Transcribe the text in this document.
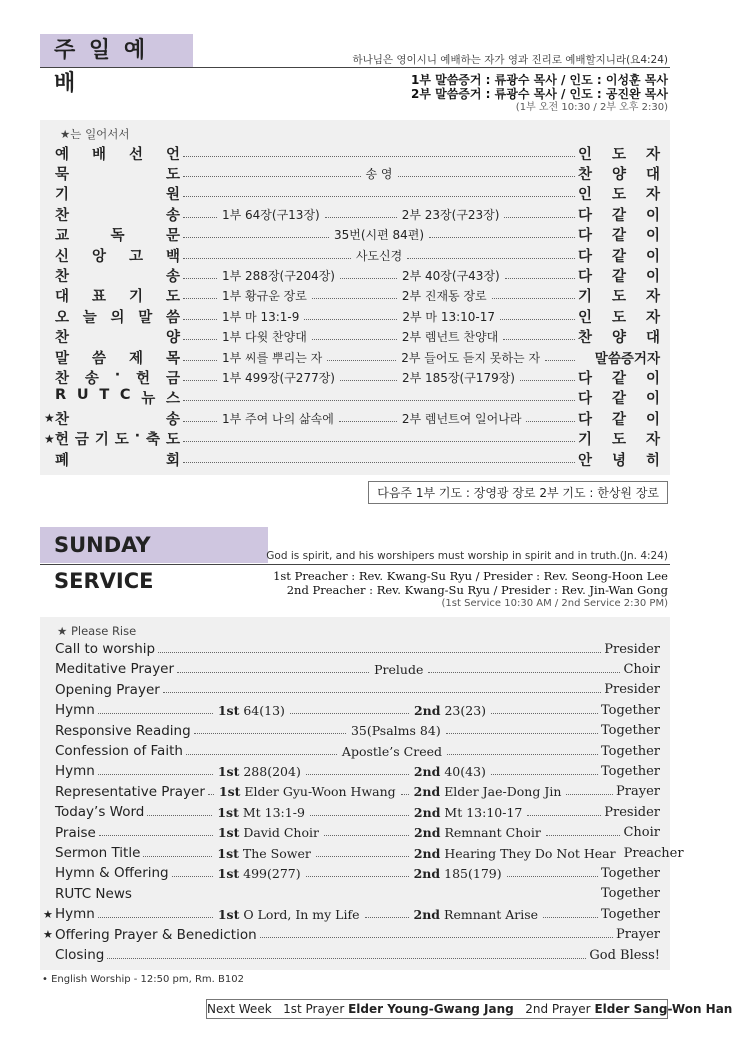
주 일 예 배
하나님은 영이시니 예배하는 자가 영과 진리로 예배할지니라(요4:24)
1부 말씀증거 : 류광수 목사 / 인도 : 이성훈 목사
2부 말씀증거 : 류광수 목사 / 인도 : 공진완 목사
(1부 오전 10:30 / 2부 오후 2:30)
★는 일어서서
예 배 선 언	인 도 자
묵	도	송 영	찬 양 대
기	원	인 도 자
찬	송	1부 64장(구13장)	2부 23장(구23장)	다 같 이
교	독	문	35번(시편 84편)	다 같 이
신 앙 고 백	사도신경	다 같 이
찬	송	1부 288장(구204장)	2부 40장(구43장)	다 같 이
대 표 기 도	1부 황규운 장로	2부 진재동 장로	기 도 자
오 늘 의 말 씀	1부 마 13:1-9	2부 마 13:10-17	인 도 자
찬	양	1부 다윗 찬양대	2부 렘넌트 찬양대	찬 양 대
말 씀 제 목	1부 씨를 뿌리는 자	2부 들어도 듣지 못하는 자	말씀증거자
찬 송 · 헌 금	1부 499장(구277장)	2부 185장(구179장)	다 같 이
R U T C 뉴 스	다 같 이
★ 찬	송	1부 주여 나의 삶속에	2부 렘넌트여 일어나라	다 같 이
★ 헌 금 기 도 · 축 도	기 도 자
폐	회	안 녕 히
다음주 1부 기도 : 장영광 장로 2부 기도 : 한상원 장로
SUNDAY SERVICE
God is spirit, and his worshipers must worship in spirit and in truth.(Jn. 4:24)
1st Preacher : Rev. Kwang-Su Ryu / Presider : Rev. Seong-Hoon Lee
2nd Preacher : Rev. Kwang-Su Ryu / Presider : Rev. Jin-Wan Gong
(1st Service 10:30 AM / 2nd Service 2:30 PM)
★ Please Rise
Call to worship	Presider
Meditative Prayer	Prelude	Choir
Opening Prayer	Presider
Hymn	1st 64(13)	2nd 23(23)	Together
Responsive Reading	35(Psalms 84)	Together
Confession of Faith	Apostle’s Creed	Together
Hymn	1st 288(204)	2nd 40(43)	Together
Representative Prayer 1st Elder Gyu-Woon Hwang 2nd Elder Jae-Dong Jin	Prayer
Today’s Word	1st Mt 13:1-9	2nd Mt 13:10-17	Presider
Praise	1st David Choir	2nd Remnant Choir	Choir
Sermon Title	1st The Sower	2nd Hearing They Do Not Hear Preacher
Hymn & Offering	1st 499(277)	2nd 185(179)	Together
RUTC News	Together
★ Hymn	1st O Lord, In my Life	2nd Remnant Arise	Together
★ Offering Prayer & Benediction	Prayer
Closing	God Bless!
• English Worship - 12:50 pm, Rm. B102
Next Week 1st Prayer Elder Young-Gwang Jang 2nd Prayer Elder Sang-Won Han
